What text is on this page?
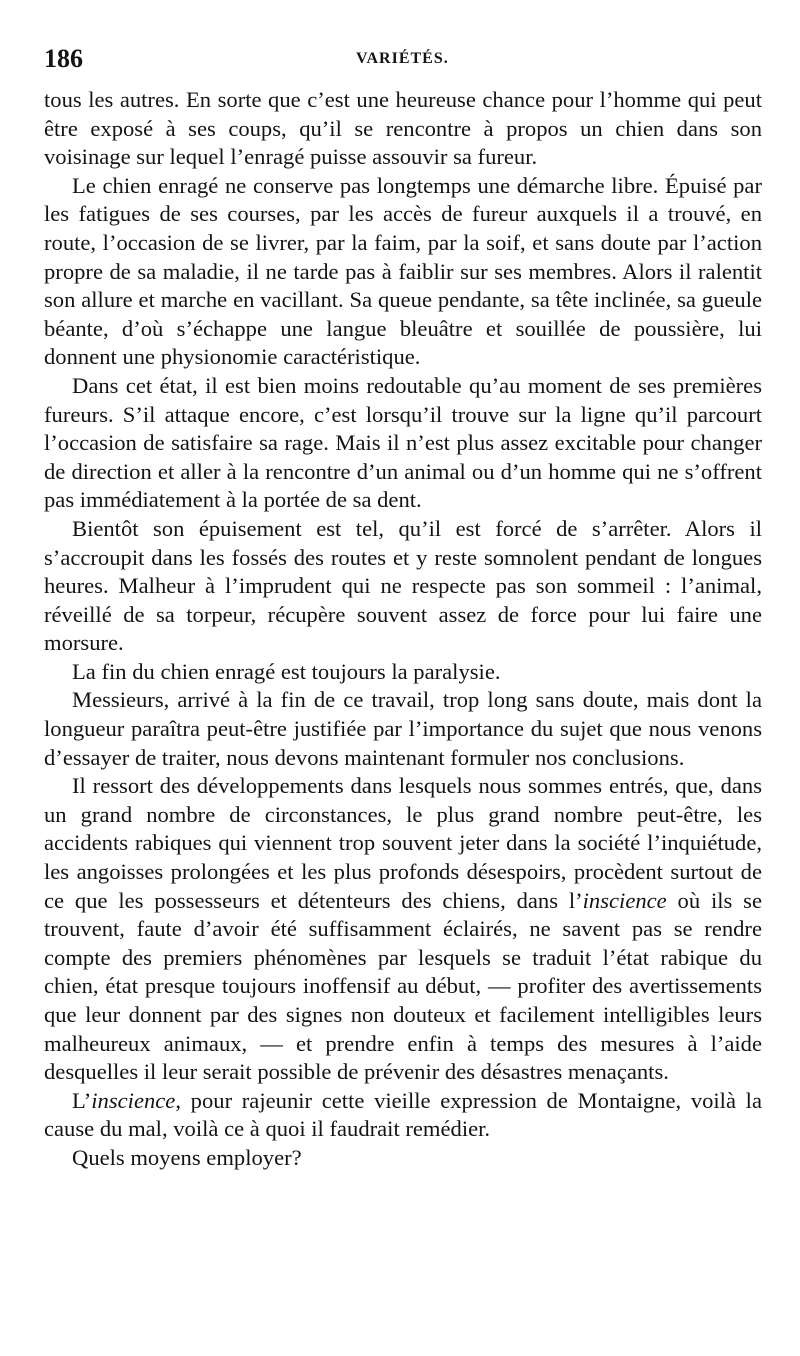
186	VARIÉTÉS.

tous les autres. En sorte que c’est une heureuse chance pour l’homme qui peut être exposé à ses coups, qu’il se rencontre à propos un chien dans son voisinage sur lequel l’enragé puisse assouvir sa fureur.

Le chien enragé ne conserve pas longtemps une démarche libre. Épuisé par les fatigues de ses courses, par les accès de fureur auxquels il a trouvé, en route, l’occasion de se livrer, par la faim, par la soif, et sans doute par l’action propre de sa maladie, il ne tarde pas à faiblir sur ses membres. Alors il ralentit son allure et marche en vacillant. Sa queue pendante, sa tête inclinée, sa gueule béante, d’où s’échappe une langue bleuâtre et souillée de poussière, lui donnent une physionomie caractéristique.

Dans cet état, il est bien moins redoutable qu’au moment de ses premières fureurs. S’il attaque encore, c’est lorsqu’il trouve sur la ligne qu’il parcourt l’occasion de satisfaire sa rage. Mais il n’est plus assez excitable pour changer de direction et aller à la rencontre d’un animal ou d’un homme qui ne s’offrent pas immédiatement à la portée de sa dent.

Bientôt son épuisement est tel, qu’il est forcé de s’arrêter. Alors il s’accroupit dans les fossés des routes et y reste somnolent pendant de longues heures. Malheur à l’imprudent qui ne respecte pas son sommeil : l’animal, réveillé de sa torpeur, récupère souvent assez de force pour lui faire une morsure.

La fin du chien enragé est toujours la paralysie.

Messieurs, arrivé à la fin de ce travail, trop long sans doute, mais dont la longueur paraîtra peut-être justifiée par l’importance du sujet que nous venons d’essayer de traiter, nous devons maintenant formuler nos conclusions.

Il ressort des développements dans lesquels nous sommes entrés, que, dans un grand nombre de circonstances, le plus grand nombre peut-être, les accidents rabiques qui viennent trop souvent jeter dans la société l’inquiétude, les angoisses prolongées et les plus profonds désespoirs, procèdent surtout de ce que les possesseurs et détenteurs des chiens, dans l’inscience où ils se trouvent, faute d’avoir été suffisamment éclairés, ne savent pas se rendre compte des premiers phénomènes par lesquels se traduit l’état rabique du chien, état presque toujours inoffensif au début, — profiter des avertissements que leur donnent par des signes non douteux et facilement intelligibles leurs malheureux animaux, — et prendre enfin à temps des mesures à l’aide desquelles il leur serait possible de prévenir des désastres menaçants.

L’inscience, pour rajeunir cette vieille expression de Montaigne, voilà la cause du mal, voilà ce à quoi il faudrait remédier.

Quels moyens employer?
